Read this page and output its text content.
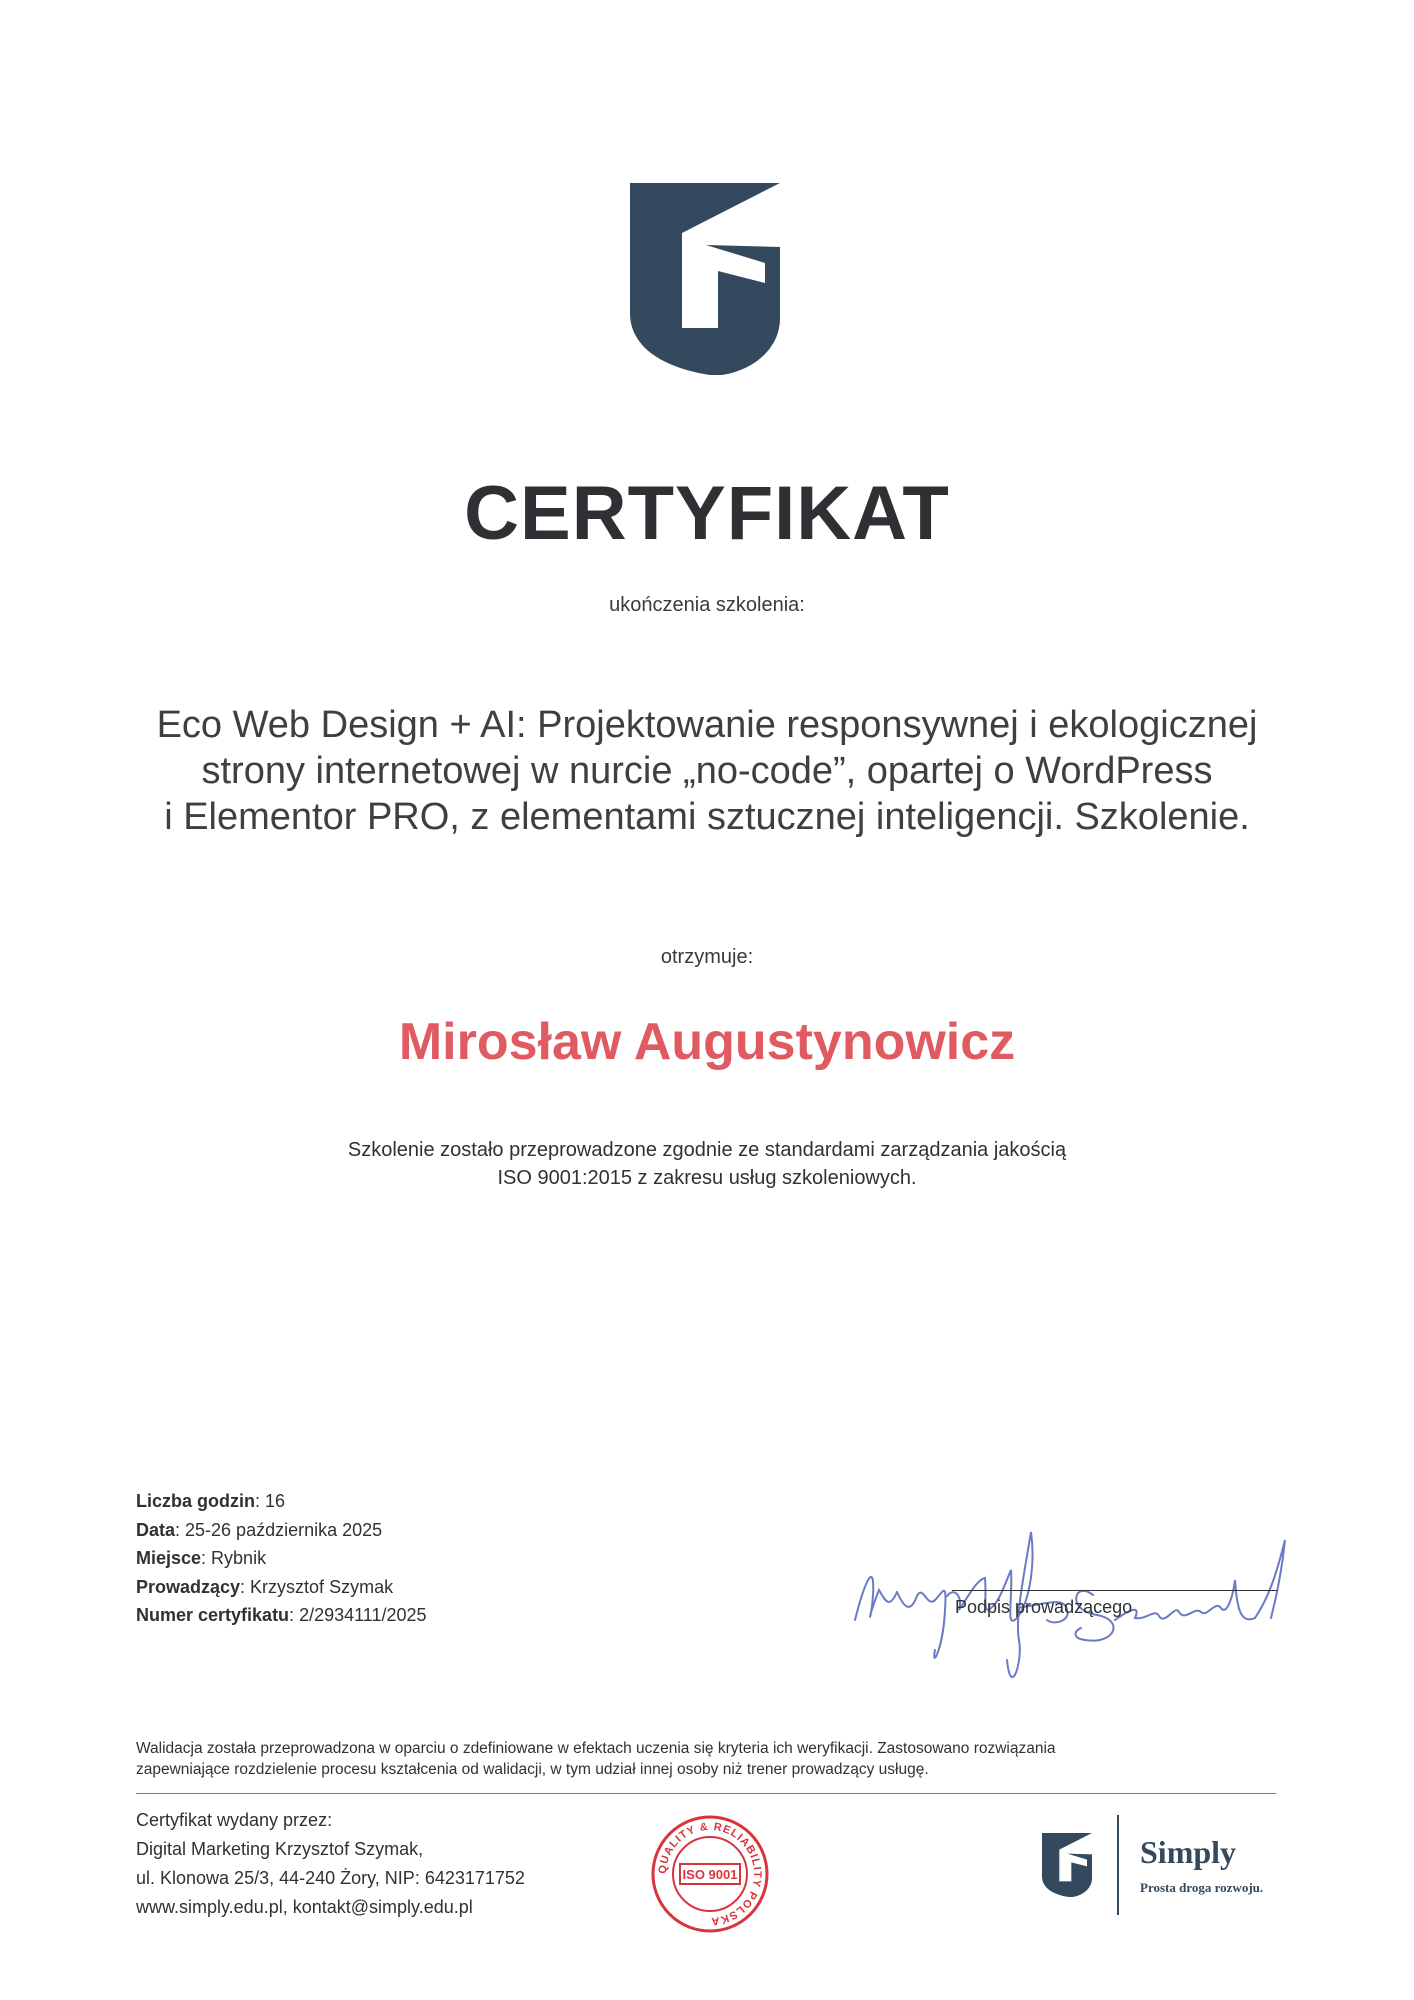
CERTYFIKAT
ukończenia szkolenia:
Eco Web Design + AI: Projektowanie responsywnej i ekologicznej
strony internetowej w nurcie „no-code”, opartej o WordPress
i Elementor PRO, z elementami sztucznej inteligencji. Szkolenie.
otrzymuje:
Mirosław Augustynowicz
Szkolenie zostało przeprowadzone zgodnie ze standardami zarządzania jakością
ISO 9001:2015 z zakresu usług szkoleniowych.
Liczba godzin: 16
Data: 25-26 października 2025
Miejsce: Rybnik
Prowadzący: Krzysztof Szymak
Numer certyfikatu: 2/2934111/2025	Podpis prowadzącego
Walidacja została przeprowadzona w oparciu o zdefiniowane w efektach uczenia się kryteria ich weryfikacji. Zastosowano rozwiązania
zapewniające rozdzielenie procesu kształcenia od walidacji, w tym udział innej osoby niż trener prowadzący usługę.
Certyfikat wydany przez:
Digital Marketing Krzysztof Szymak,
ul. Klonowa 25/3, 44-240 Żory, NIP: 6423171752
www.simply.edu.pl, kontakt@simply.edu.pl
QUALITY & RELIABILITY POLSKA
ISO 9001
Simply
Prosta droga rozwoju.
